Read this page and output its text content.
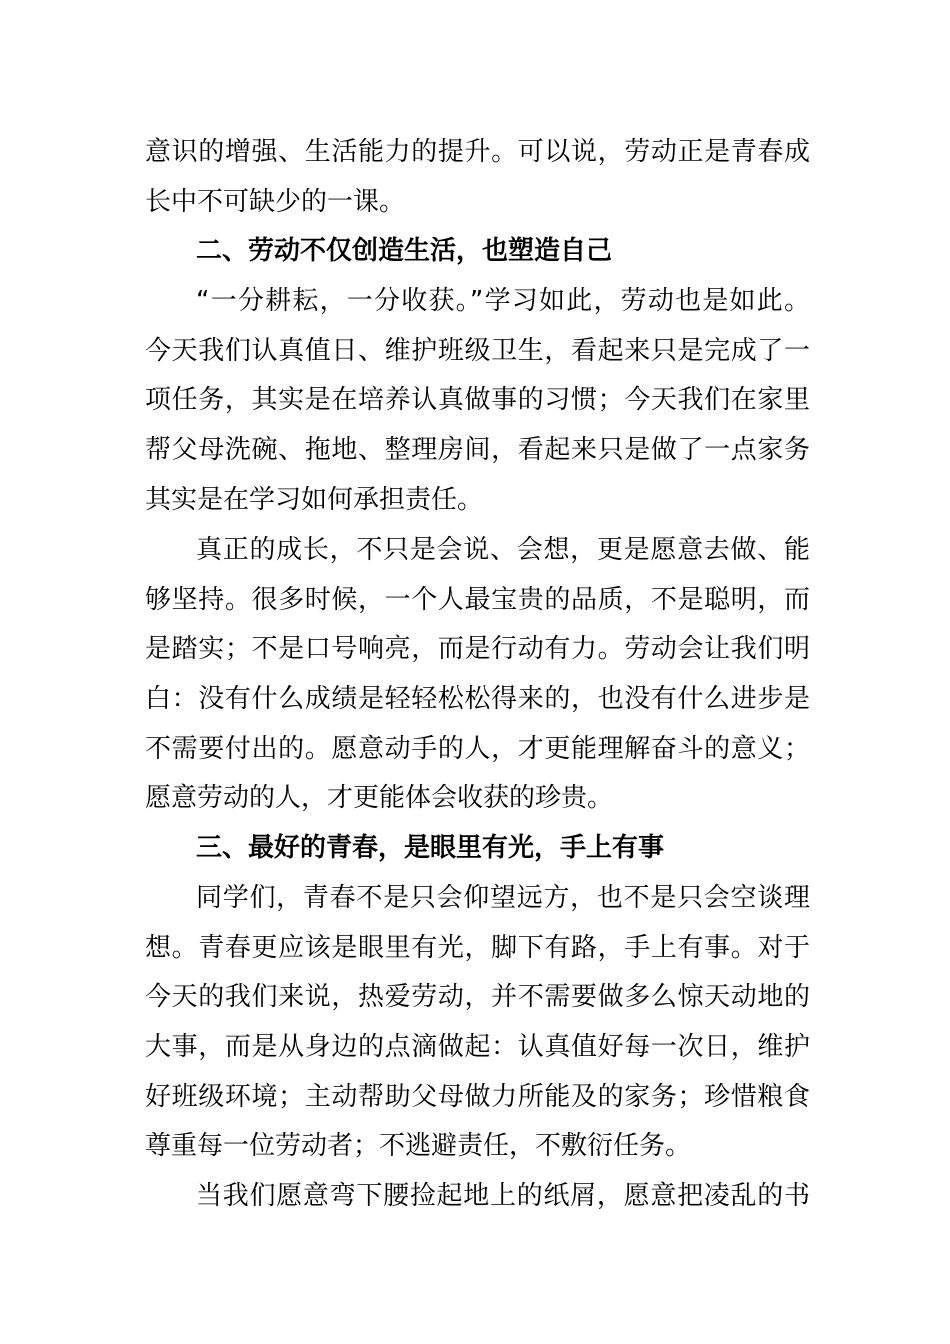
意识的增强、生活能力的提升。可以说，劳动正是青春成
长中不可缺少的一课。
二、劳动不仅创造生活，也塑造自己
“一分耕耘，一分收获。”学习如此，劳动也是如此。
今天我们认真值日、维护班级卫生，看起来只是完成了一
项任务，其实是在培养认真做事的习惯；今天我们在家里
帮父母洗碗、拖地、整理房间，看起来只是做了一点家务
其实是在学习如何承担责任。
真正的成长，不只是会说、会想，更是愿意去做、能
够坚持。很多时候，一个人最宝贵的品质，不是聪明，而
是踏实；不是口号响亮，而是行动有力。劳动会让我们明
白：没有什么成绩是轻轻松松得来的，也没有什么进步是
不需要付出的。愿意动手的人，才更能理解奋斗的意义；
愿意劳动的人，才更能体会收获的珍贵。
三、最好的青春，是眼里有光，手上有事
同学们，青春不是只会仰望远方，也不是只会空谈理
想。青春更应该是眼里有光，脚下有路，手上有事。对于
今天的我们来说，热爱劳动，并不需要做多么惊天动地的
大事，而是从身边的点滴做起：认真值好每一次日，维护
好班级环境；主动帮助父母做力所能及的家务；珍惜粮食
尊重每一位劳动者；不逃避责任，不敷衍任务。
当我们愿意弯下腰捡起地上的纸屑，愿意把凌乱的书
